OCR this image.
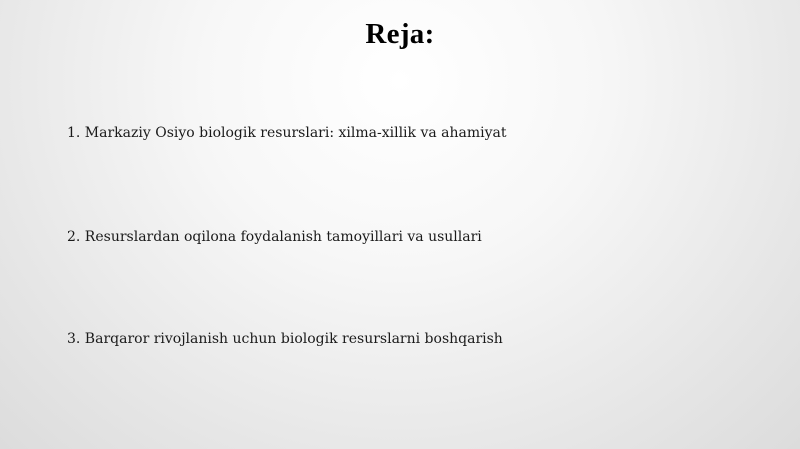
Reja:
1. Markaziy Osiyo biologik resurslari: xilma-xillik va ahamiyat
2. Resurslardan oqilona foydalanish tamoyillari va usullari
3. Barqaror rivojlanish uchun biologik resurslarni boshqarish
